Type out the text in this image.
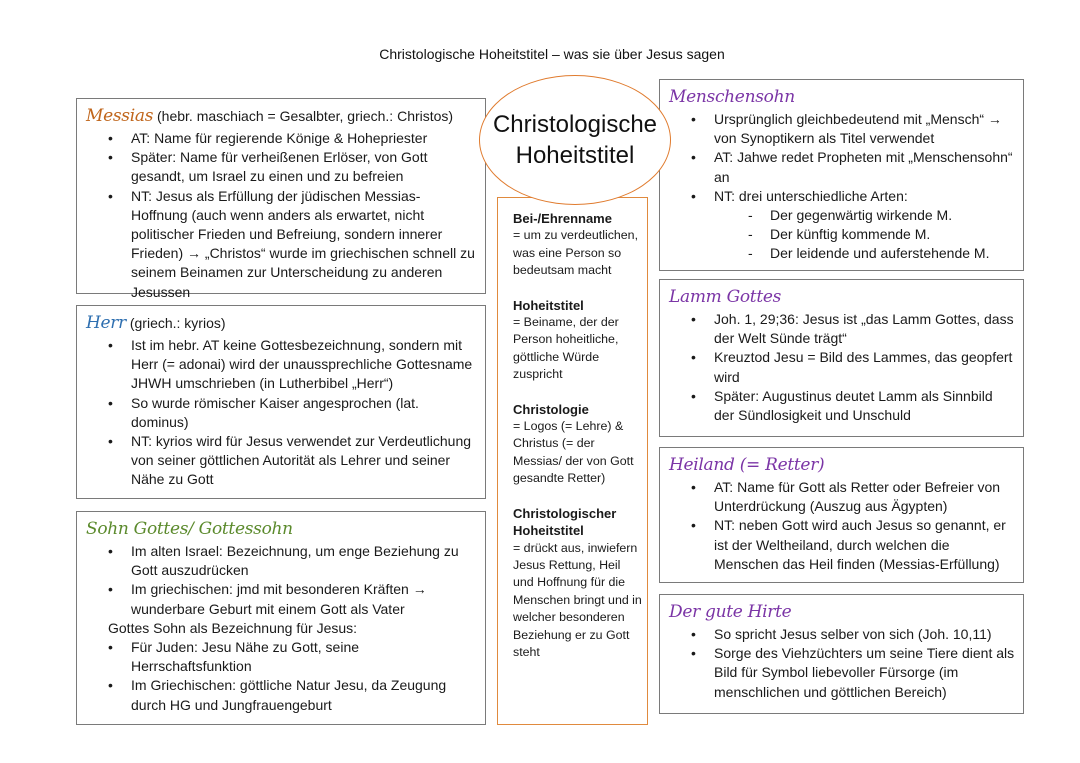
Christologische Hoheitstitel – was sie über Jesus sagen
Messias (hebr. maschiach = Gesalbter, griech.: Christos)
• AT: Name für regierende Könige & Hohepriester
• Später: Name für verheißenen Erlöser, von Gott gesandt, um Israel zu einen und zu befreien
• NT: Jesus als Erfüllung der jüdischen Messias-Hoffnung (auch wenn anders als erwartet, nicht politischer Frieden und Befreiung, sondern innerer Frieden) → „Christos“ wurde im griechischen schnell zu seinem Beinamen zur Unterscheidung zu anderen Jesussen
Herr (griech.: kyrios)
• Ist im hebr. AT keine Gottesbezeichnung, sondern mit Herr (= adonai) wird der unaussprechliche Gottesname JHWH umschrieben (in Lutherbibel „Herr“)
• So wurde römischer Kaiser angesprochen (lat. dominus)
• NT: kyrios wird für Jesus verwendet zur Verdeutlichung von seiner göttlichen Autorität als Lehrer und seiner Nähe zu Gott
Sohn Gottes/ Gottessohn
• Im alten Israel: Bezeichnung, um enge Beziehung zu Gott auszudrücken
• Im griechischen: jmd mit besonderen Kräften → wunderbare Geburt mit einem Gott als Vater
Gottes Sohn als Bezeichnung für Jesus:
• Für Juden: Jesu Nähe zu Gott, seine Herrschaftsfunktion
• Im Griechischen: göttliche Natur Jesu, da Zeugung durch HG und Jungfrauengeburt
Christologische
Hoheitstitel
Bei-/Ehrenname
= um zu verdeutlichen, was eine Person so bedeutsam macht
Hoheitstitel
= Beiname, der der Person hoheitliche, göttliche Würde zuspricht
Christologie
= Logos (= Lehre) & Christus (= der Messias/ der von Gott gesandte Retter)
Christologischer Hoheitstitel
= drückt aus, inwiefern Jesus Rettung, Heil und Hoffnung für die Menschen bringt und in welcher besonderen Beziehung er zu Gott steht
Menschensohn
• Ursprünglich gleichbedeutend mit „Mensch“ → von Synoptikern als Titel verwendet
• AT: Jahwe redet Propheten mit „Menschensohn“ an
• NT: drei unterschiedliche Arten:
- Der gegenwärtig wirkende M.
- Der künftig kommende M.
- Der leidende und auferstehende M.
Lamm Gottes
• Joh. 1, 29;36: Jesus ist „das Lamm Gottes, dass der Welt Sünde trägt“
• Kreuztod Jesu = Bild des Lammes, das geopfert wird
• Später: Augustinus deutet Lamm als Sinnbild der Sündlosigkeit und Unschuld
Heiland (= Retter)
• AT: Name für Gott als Retter oder Befreier von Unterdrückung (Auszug aus Ägypten)
• NT: neben Gott wird auch Jesus so genannt, er ist der Weltheiland, durch welchen die Menschen das Heil finden (Messias-Erfüllung)
Der gute Hirte
• So spricht Jesus selber von sich (Joh. 10,11)
• Sorge des Viehzüchters um seine Tiere dient als Bild für Symbol liebevoller Fürsorge (im menschlichen und göttlichen Bereich)
